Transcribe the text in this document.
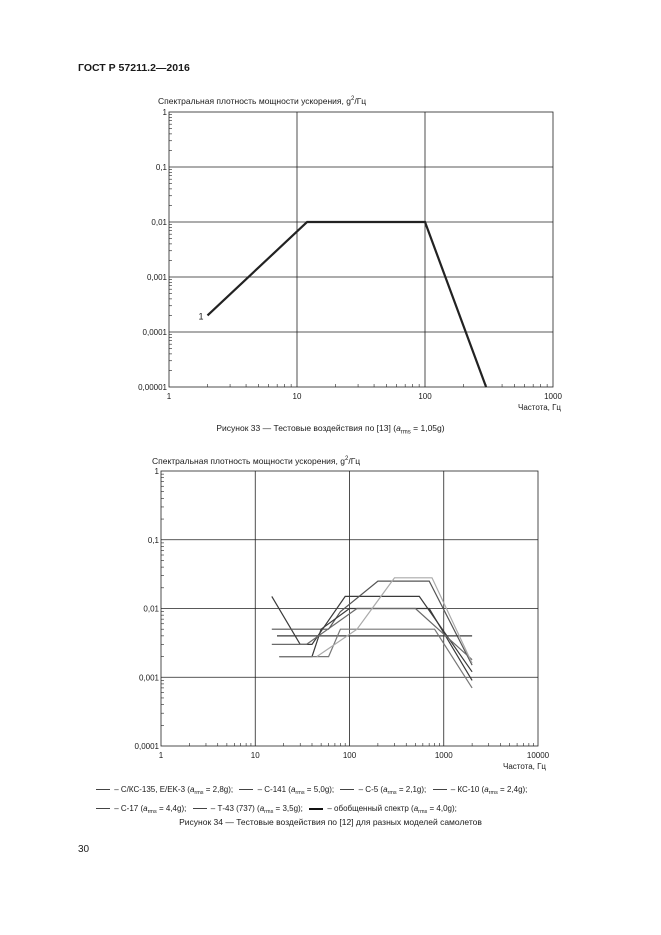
ГОСТ Р 57211.2—2016
Спектральная плотность мощности ускорения, $g^2/Гц$
1	10	100	1000
0,00001
0,0001
0,001
0,01
0,1
1
Частота, Гц
1
1	10	100	1000	10000
0,0001
0,001
0,01
0,1
1
Частота, Гц
Рисунок 33 — Тестовые воздействия по [13] $(a_{rms} = 1,05g)$
Спектральная плотность мощности ускорения, $g^2/Гц$
– С/КС-135, E/EK-3 $(a_{rms} = 2,8g)$;	– С-141 $(a_{rms} = 5,0g)$;	– С-5 $(a_{rms} = 2,1g)$;	– КС-10 $(a_{rms} = 2,4g)$;  – С-17 $(a_{rms} = 4,4g)$;	– Т-43 (737) $(a_{rms} = 3,5g)$;	– обобщенный спектр $(a_{rms} = 4,0g)$;
Рисунок 34 — Тестовые воздействия по [12] для разных моделей самолетов
30
